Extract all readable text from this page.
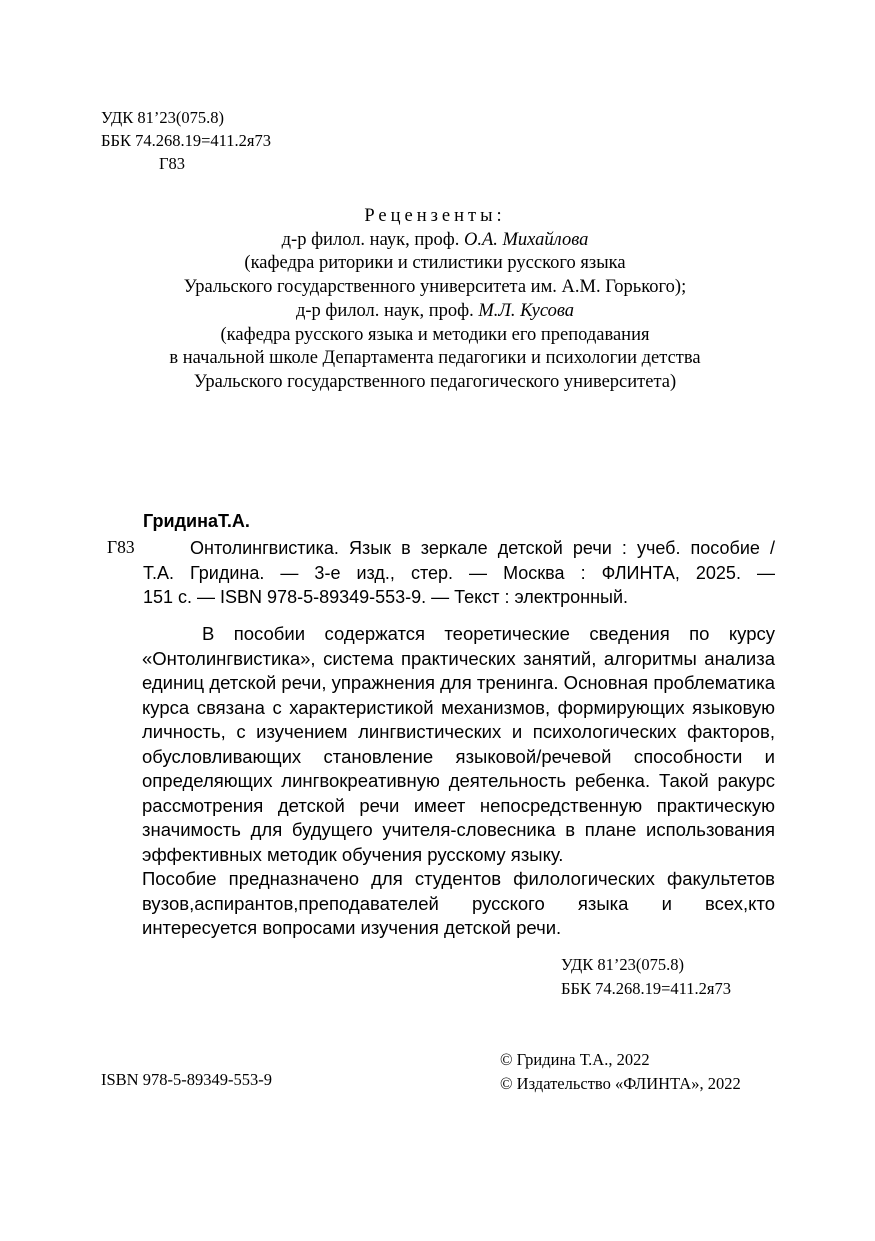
УДК 81’23(075.8)
ББК 74.268.19=411.2я73
Г83
Рецензенты:
д-р филол. наук, проф. О.А. Михайлова
(кафедра риторики и стилистики русского языка
Уральского государственного университета им. А.М. Горького);
д-р филол. наук, проф. М.Л. Кусова
(кафедра русского языка и методики его преподавания
в начальной школе Департамента педагогики и психологии детства
Уральского государственного педагогического университета)
ГридинаТ.А.
Г83	Онтолингвистика. Язык в зеркале детской речи : учеб. пособие /

Т.А. Гридина. — 3-е изд., стер. — Москва : ФЛИНТА, 2025. —

151 с. — ISBN 978-5-89349-553-9. — Текст : электронный.

В пособии содержатся теоретические сведения по курсу «Онтолингвистика», система практических занятий, алгоритмы анализа единиц детской речи, упражнения для тренинга. Основная проблематика курса связана с характеристикой механизмов, формирующих языковую личность, с изучением лингвистических и психологических факторов, обусловливающих становление языковой/речевой способности и определяющих лингвокреативную деятельность ребенка. Такой ракурс рассмотрения детской речи имеет непосредственную практическую значимость для будущего учителя-словесника в плане использования эффективных методик обучения русскому языку.

Пособие предназначено для студентов филологических факультетов вузов,аспирантов,преподавателей русского языка и всех,кто интересуется вопросами изучения детской речи.

УДК 81’23(075.8)
ББК 74.268.19=411.2я73
ISBN 978-5-89349-553-9
© Гридина Т.А., 2022
© Издательство «ФЛИНТА», 2022
